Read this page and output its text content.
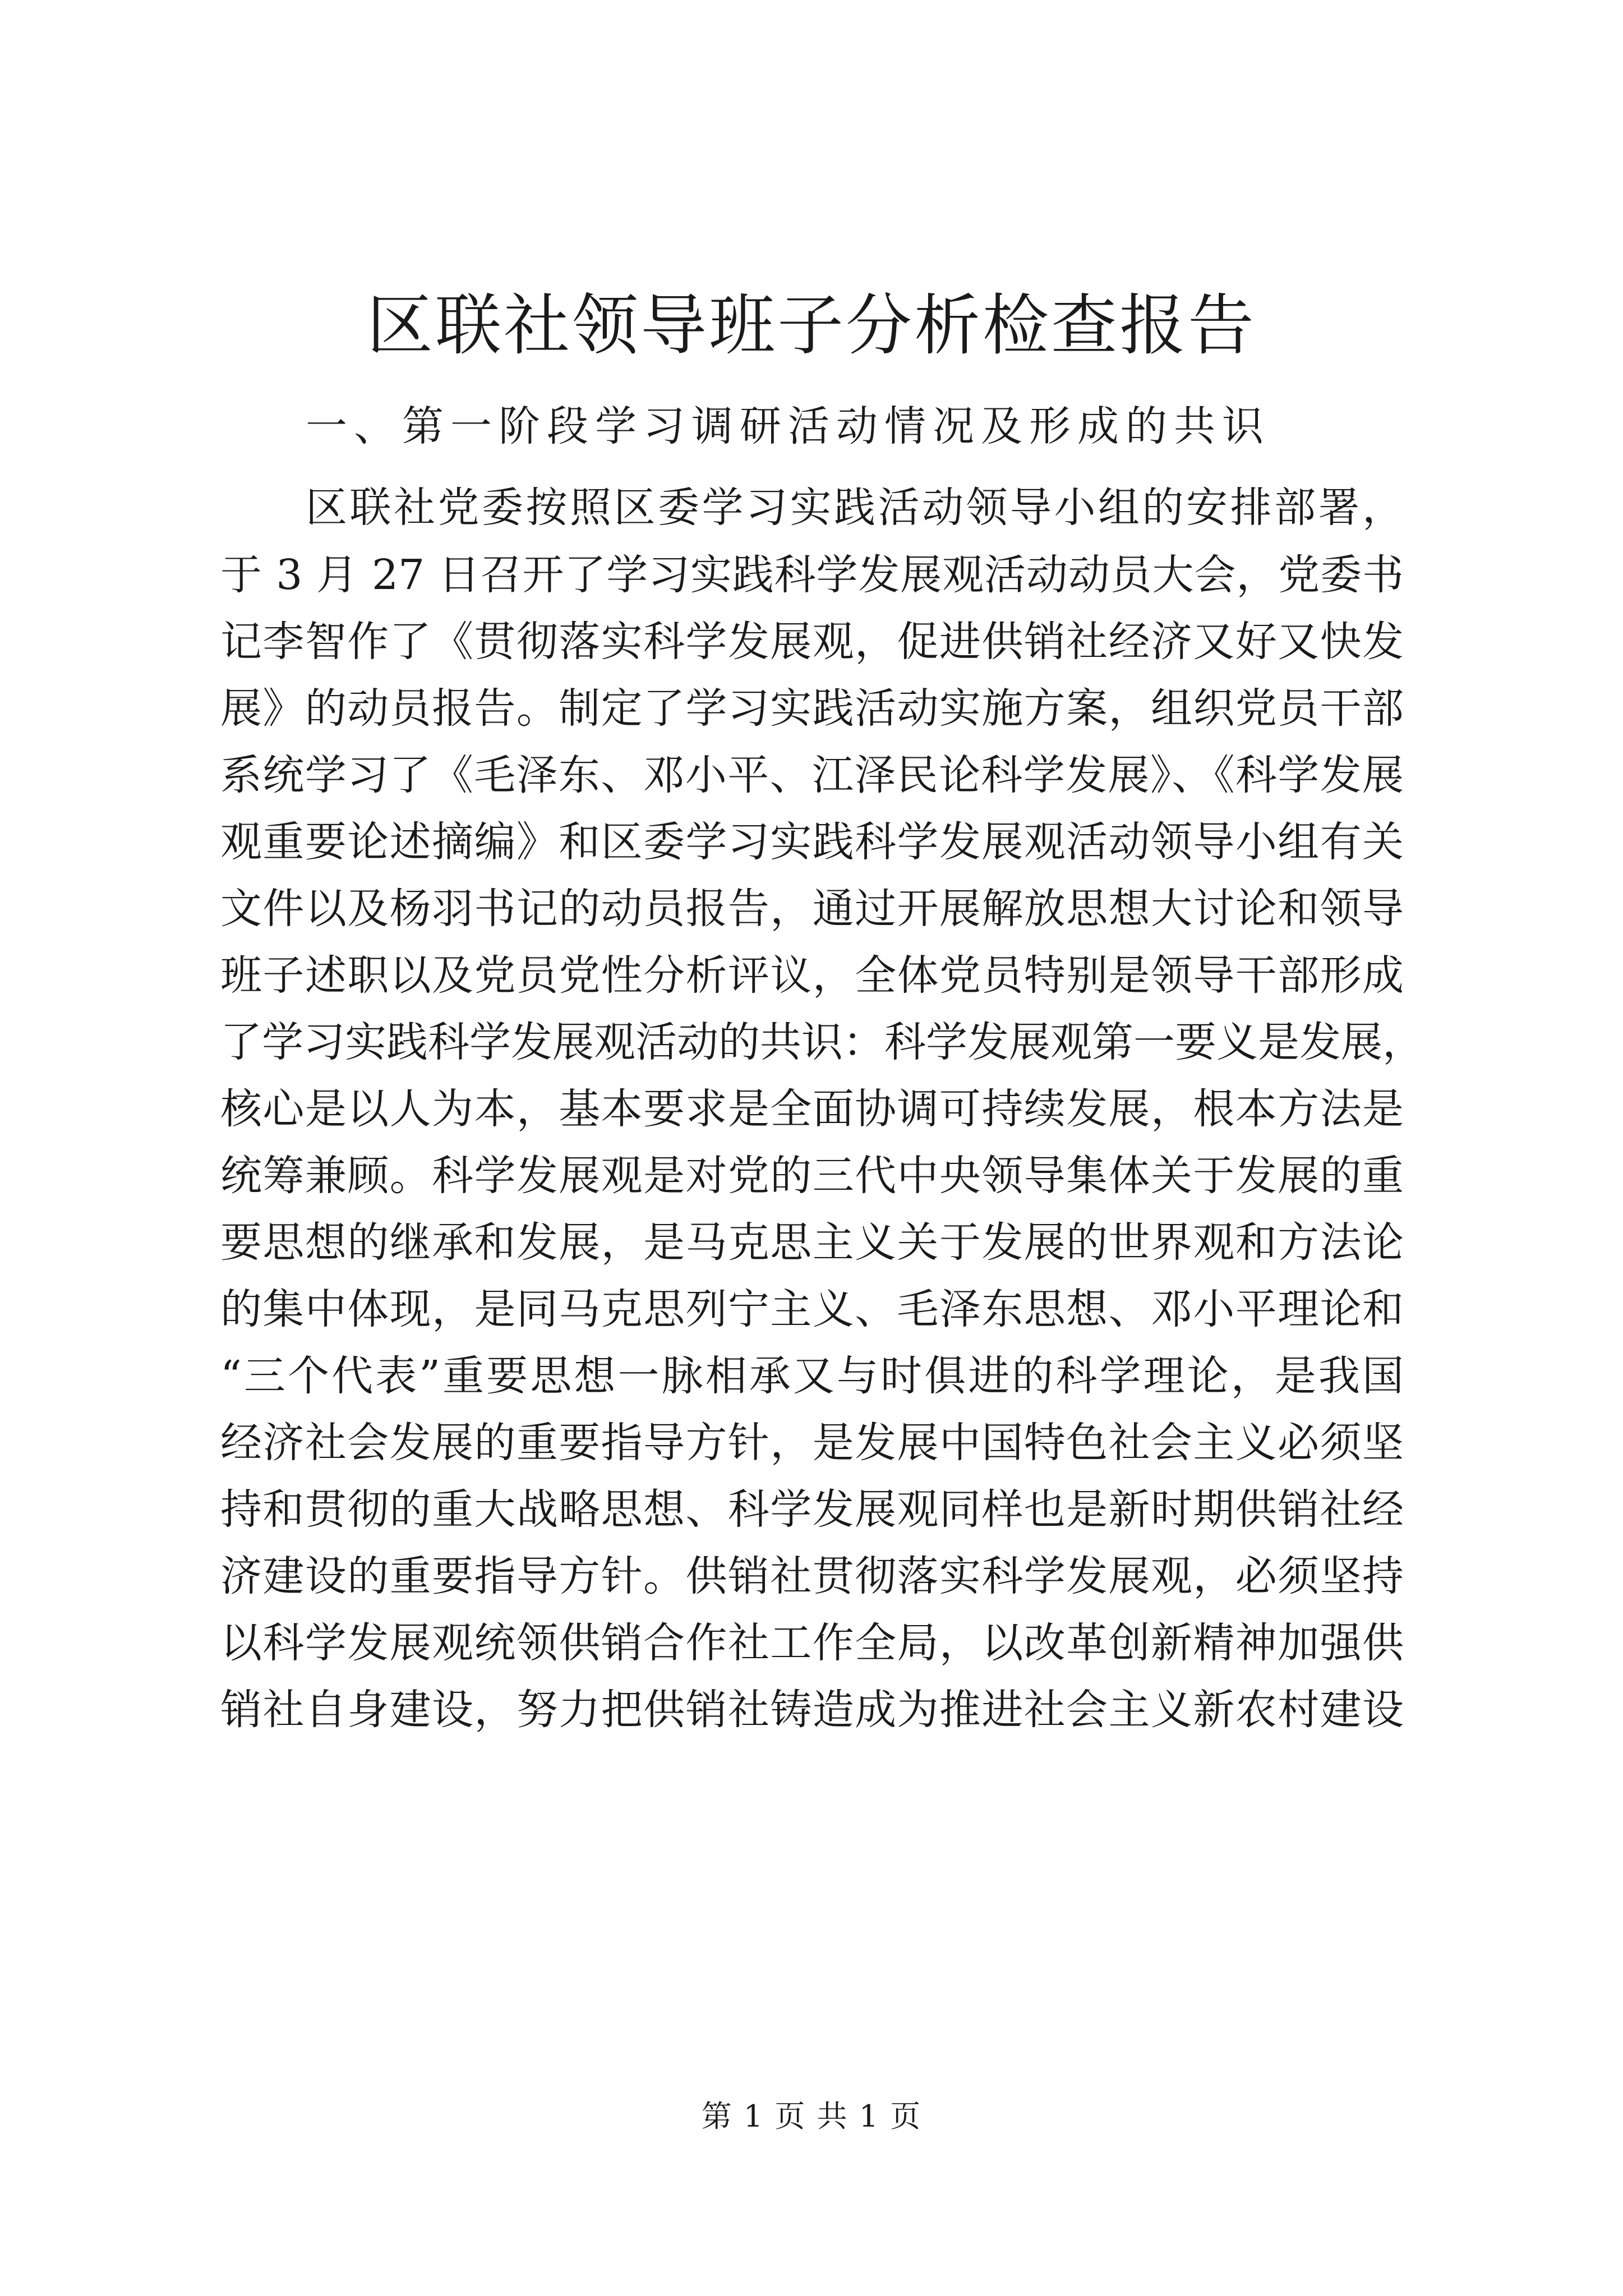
区联社领导班子分析检查报告

一、第一阶段学习调研活动情况及形成的共识

区联社党委按照区委学习实践活动领导小组的安排部署，

于 3 月 27 日召开了学习实践科学发展观活动动员大会，党委书

记李智作了《贯彻落实科学发展观，促进供销社经济又好又快发

展》的动员报告。制定了学习实践活动实施方案，组织党员干部

系统学习了《毛泽东、邓小平、江泽民论科学发展》、《科学发展

观重要论述摘编》和区委学习实践科学发展观活动领导小组有关

文件以及杨羽书记的动员报告，通过开展解放思想大讨论和领导

班子述职以及党员党性分析评议，全体党员特别是领导干部形成

了学习实践科学发展观活动的共识：科学发展观第一要义是发展，

核心是以人为本，基本要求是全面协调可持续发展，根本方法是

统筹兼顾。科学发展观是对党的三代中央领导集体关于发展的重

要思想的继承和发展，是马克思主义关于发展的世界观和方法论

的集中体现，是同马克思列宁主义、毛泽东思想、邓小平理论和

“三个代表”重要思想一脉相承又与时俱进的科学理论，是我国

经济社会发展的重要指导方针，是发展中国特色社会主义必须坚

持和贯彻的重大战略思想、科学发展观同样也是新时期供销社经

济建设的重要指导方针。供销社贯彻落实科学发展观，必须坚持

以科学发展观统领供销合作社工作全局，以改革创新精神加强供

销社自身建设，努力把供销社铸造成为推进社会主义新农村建设

第 1 页 共 1 页
